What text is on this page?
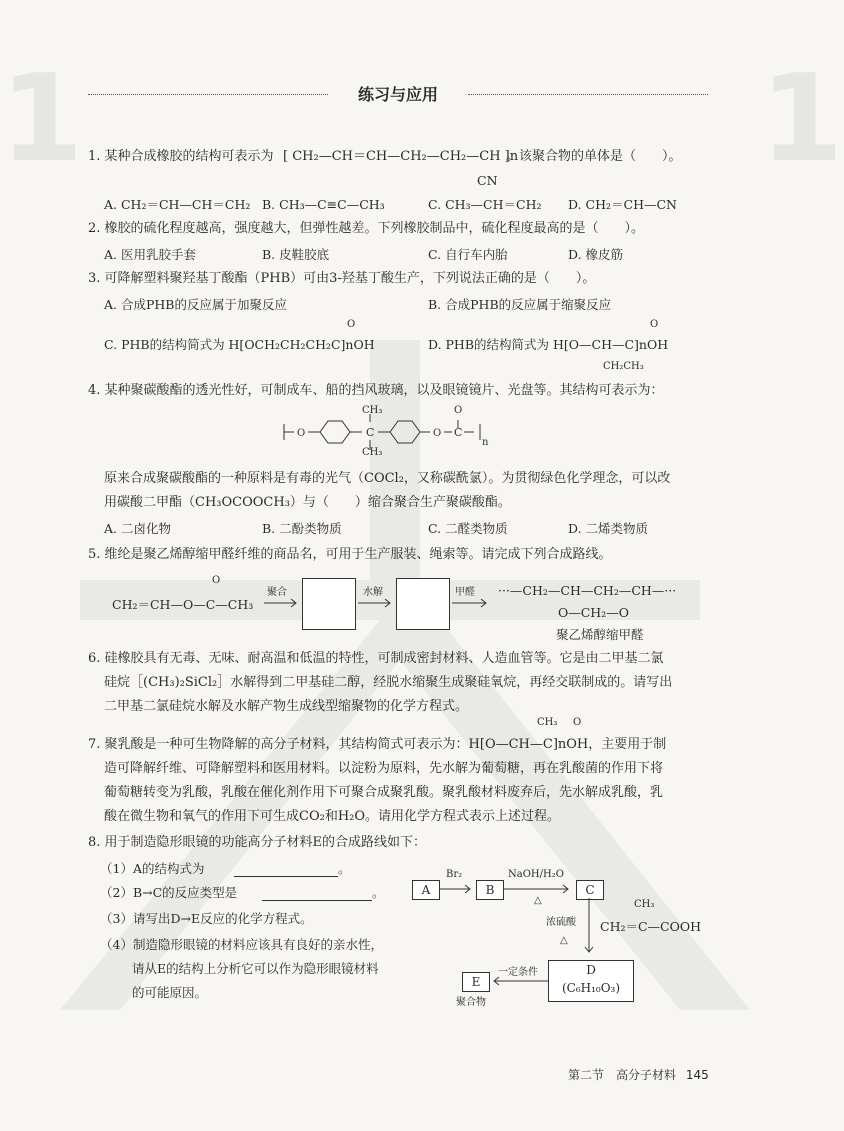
1	1
练习与应用
1. 某种合成橡胶的结构可表示为 [ CH₂—CH＝CH—CH₂—CH₂—CH ]n
CN
。该聚合物的单体是（　　）。
A. CH₂＝CH—CH＝CH₂ B. CH₃—C≡C—CH₃	C. CH₃—CH＝CH₂ D. CH₂＝CH—CN
2. 橡胶的硫化程度越高，强度越大，但弹性越差。下列橡胶制品中，硫化程度最高的是（　　）。
A. 医用乳胶手套	B. 皮鞋胶底	C. 自行车内胎	D. 橡皮筋
3. 可降解塑料聚羟基丁酸酯（PHB）可由3-羟基丁酸生产，下列说法正确的是（　　）。
A. 合成PHB的反应属于加聚反应	B. 合成PHB的反应属于缩聚反应
O
C. PHB的结构简式为 H[OCH₂CH₂CH₂C]nOH
O
D. PHB的结构简式为 H[O—CH—C]nOH
CH₂CH₃
4. 某种聚碳酸酯的透光性好，可制成车、船的挡风玻璃，以及眼镜镜片、光盘等。其结构可表示为：
O	C	O C
CH₃
CH₃
O
n
原来合成聚碳酸酯的一种原料是有毒的光气（COCl₂，又称碳酰氯）。为贯彻绿色化学理念，可以改
用碳酸二甲酯（CH₃OCOOCH₃）与（　　）缩合聚合生产聚碳酸酯。
A. 二卤化物	B. 二酚类物质	C. 二醛类物质	D. 二烯类物质
5. 维纶是聚乙烯醇缩甲醛纤维的商品名，可用于生产服装、绳索等。请完成下列合成路线。
O
CH₂＝CH—O—C—CH₃
聚合	水解	甲醛 ···—CH₂—CH—CH₂—CH—···
O—CH₂—O
聚乙烯醇缩甲醛
6. 硅橡胶具有无毒、无味、耐高温和低温的特性，可制成密封材料、人造血管等。它是由二甲基二氯
硅烷［(CH₃)₂SiCl₂］水解得到二甲基硅二醇，经脱水缩聚生成聚硅氧烷，再经交联制成的。请写出
二甲基二氯硅烷水解及水解产物生成线型缩聚物的化学方程式。
CH₃ O
7. 聚乳酸是一种可生物降解的高分子材料，其结构简式可表示为：H[O—CH—C]nOH，主要用于制
造可降解纤维、可降解塑料和医用材料。以淀粉为原料，先水解为葡萄糖，再在乳酸菌的作用下将
葡萄糖转变为乳酸，乳酸在催化剂作用下可聚合成聚乳酸。聚乳酸材料废弃后，先水解成乳酸，乳
酸在微生物和氧气的作用下可生成CO₂和H₂O。请用化学方程式表示上述过程。
8. 用于制造隐形眼镜的功能高分子材料E的合成路线如下：
（1）A的结构式为	。
（2）B→C的反应类型是	。
（3）请写出D→E反应的化学方程式。
（4）制造隐形眼镜的材料应该具有良好的亲水性，
请从E的结构上分析它可以作为隐形眼镜材料
的可能原因。
A
Br₂
B
NaOH/H₂O
△
C
浓硫酸
△
CH₃
CH₂＝C—COOH
D
(C₆H₁₀O₃)
一定条件
E
聚合物
第二节　高分子材料 145
